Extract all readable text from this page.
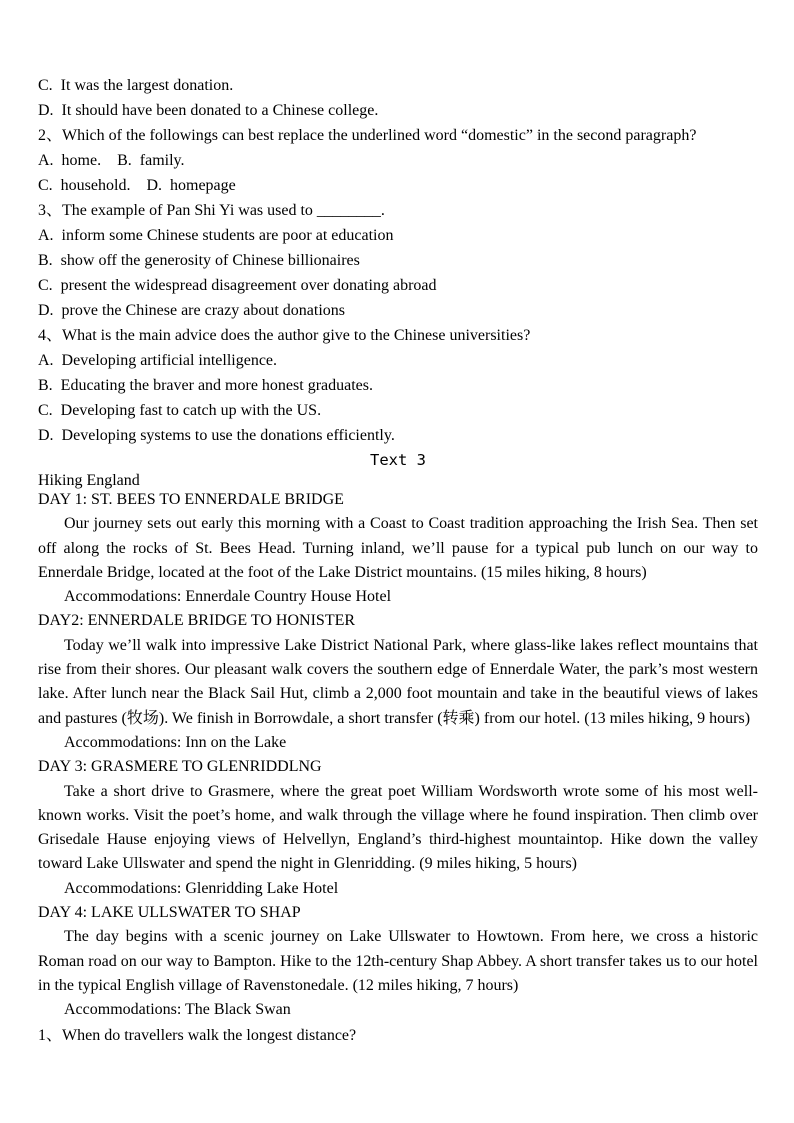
C.  It was the largest donation.
D.  It should have been donated to a Chinese college.
2、Which of the followings can best replace the underlined word “domestic” in the second paragraph?
A.  home.    B.  family.
C.  household.    D.  homepage
3、The example of Pan Shi Yi was used to ________.
A.  inform some Chinese students are poor at education
B.  show off the generosity of Chinese billionaires
C.  present the widespread disagreement over donating abroad
D.  prove the Chinese are crazy about donations
4、What is the main advice does the author give to the Chinese universities?
A.  Developing artificial intelligence.
B.  Educating the braver and more honest graduates.
C.  Developing fast to catch up with the US.
D.  Developing systems to use the donations efficiently.
Text 3
Hiking England
DAY 1: ST. BEES TO ENNERDALE BRIDGE
Our journey sets out early this morning with a Coast to Coast tradition approaching the Irish Sea. Then set off along the rocks of St. Bees Head. Turning inland, we’ll pause for a typical pub lunch on our way to Ennerdale Bridge, located at the foot of the Lake District mountains. (15 miles hiking, 8 hours)
Accommodations: Ennerdale Country House Hotel
DAY2: ENNERDALE BRIDGE TO HONISTER
Today we’ll walk into impressive Lake District National Park, where glass-like lakes reflect mountains that rise from their shores. Our pleasant walk covers the southern edge of Ennerdale Water, the park’s most western lake. After lunch near the Black Sail Hut, climb a 2,000 foot mountain and take in the beautiful views of lakes and pastures (牧场). We finish in Borrowdale, a short transfer (转乘) from our hotel. (13 miles hiking, 9 hours)
Accommodations: Inn on the Lake
DAY 3: GRASMERE TO GLENRIDDLNG
Take a short drive to Grasmere, where the great poet William Wordsworth wrote some of his most well-known works. Visit the poet’s home, and walk through the village where he found inspiration. Then climb over Grisedale Hause enjoying views of Helvellyn, England’s third-highest mountaintop. Hike down the valley toward Lake Ullswater and spend the night in Glenridding. (9 miles hiking, 5 hours)
Accommodations: Glenridding Lake Hotel
DAY 4: LAKE ULLSWATER TO SHAP
The day begins with a scenic journey on Lake Ullswater to Howtown. From here, we cross a historic Roman road on our way to Bampton. Hike to the 12th-century Shap Abbey. A short transfer takes us to our hotel in the typical English village of Ravenstonedale. (12 miles hiking, 7 hours)
Accommodations: The Black Swan
1、When do travellers walk the longest distance?
